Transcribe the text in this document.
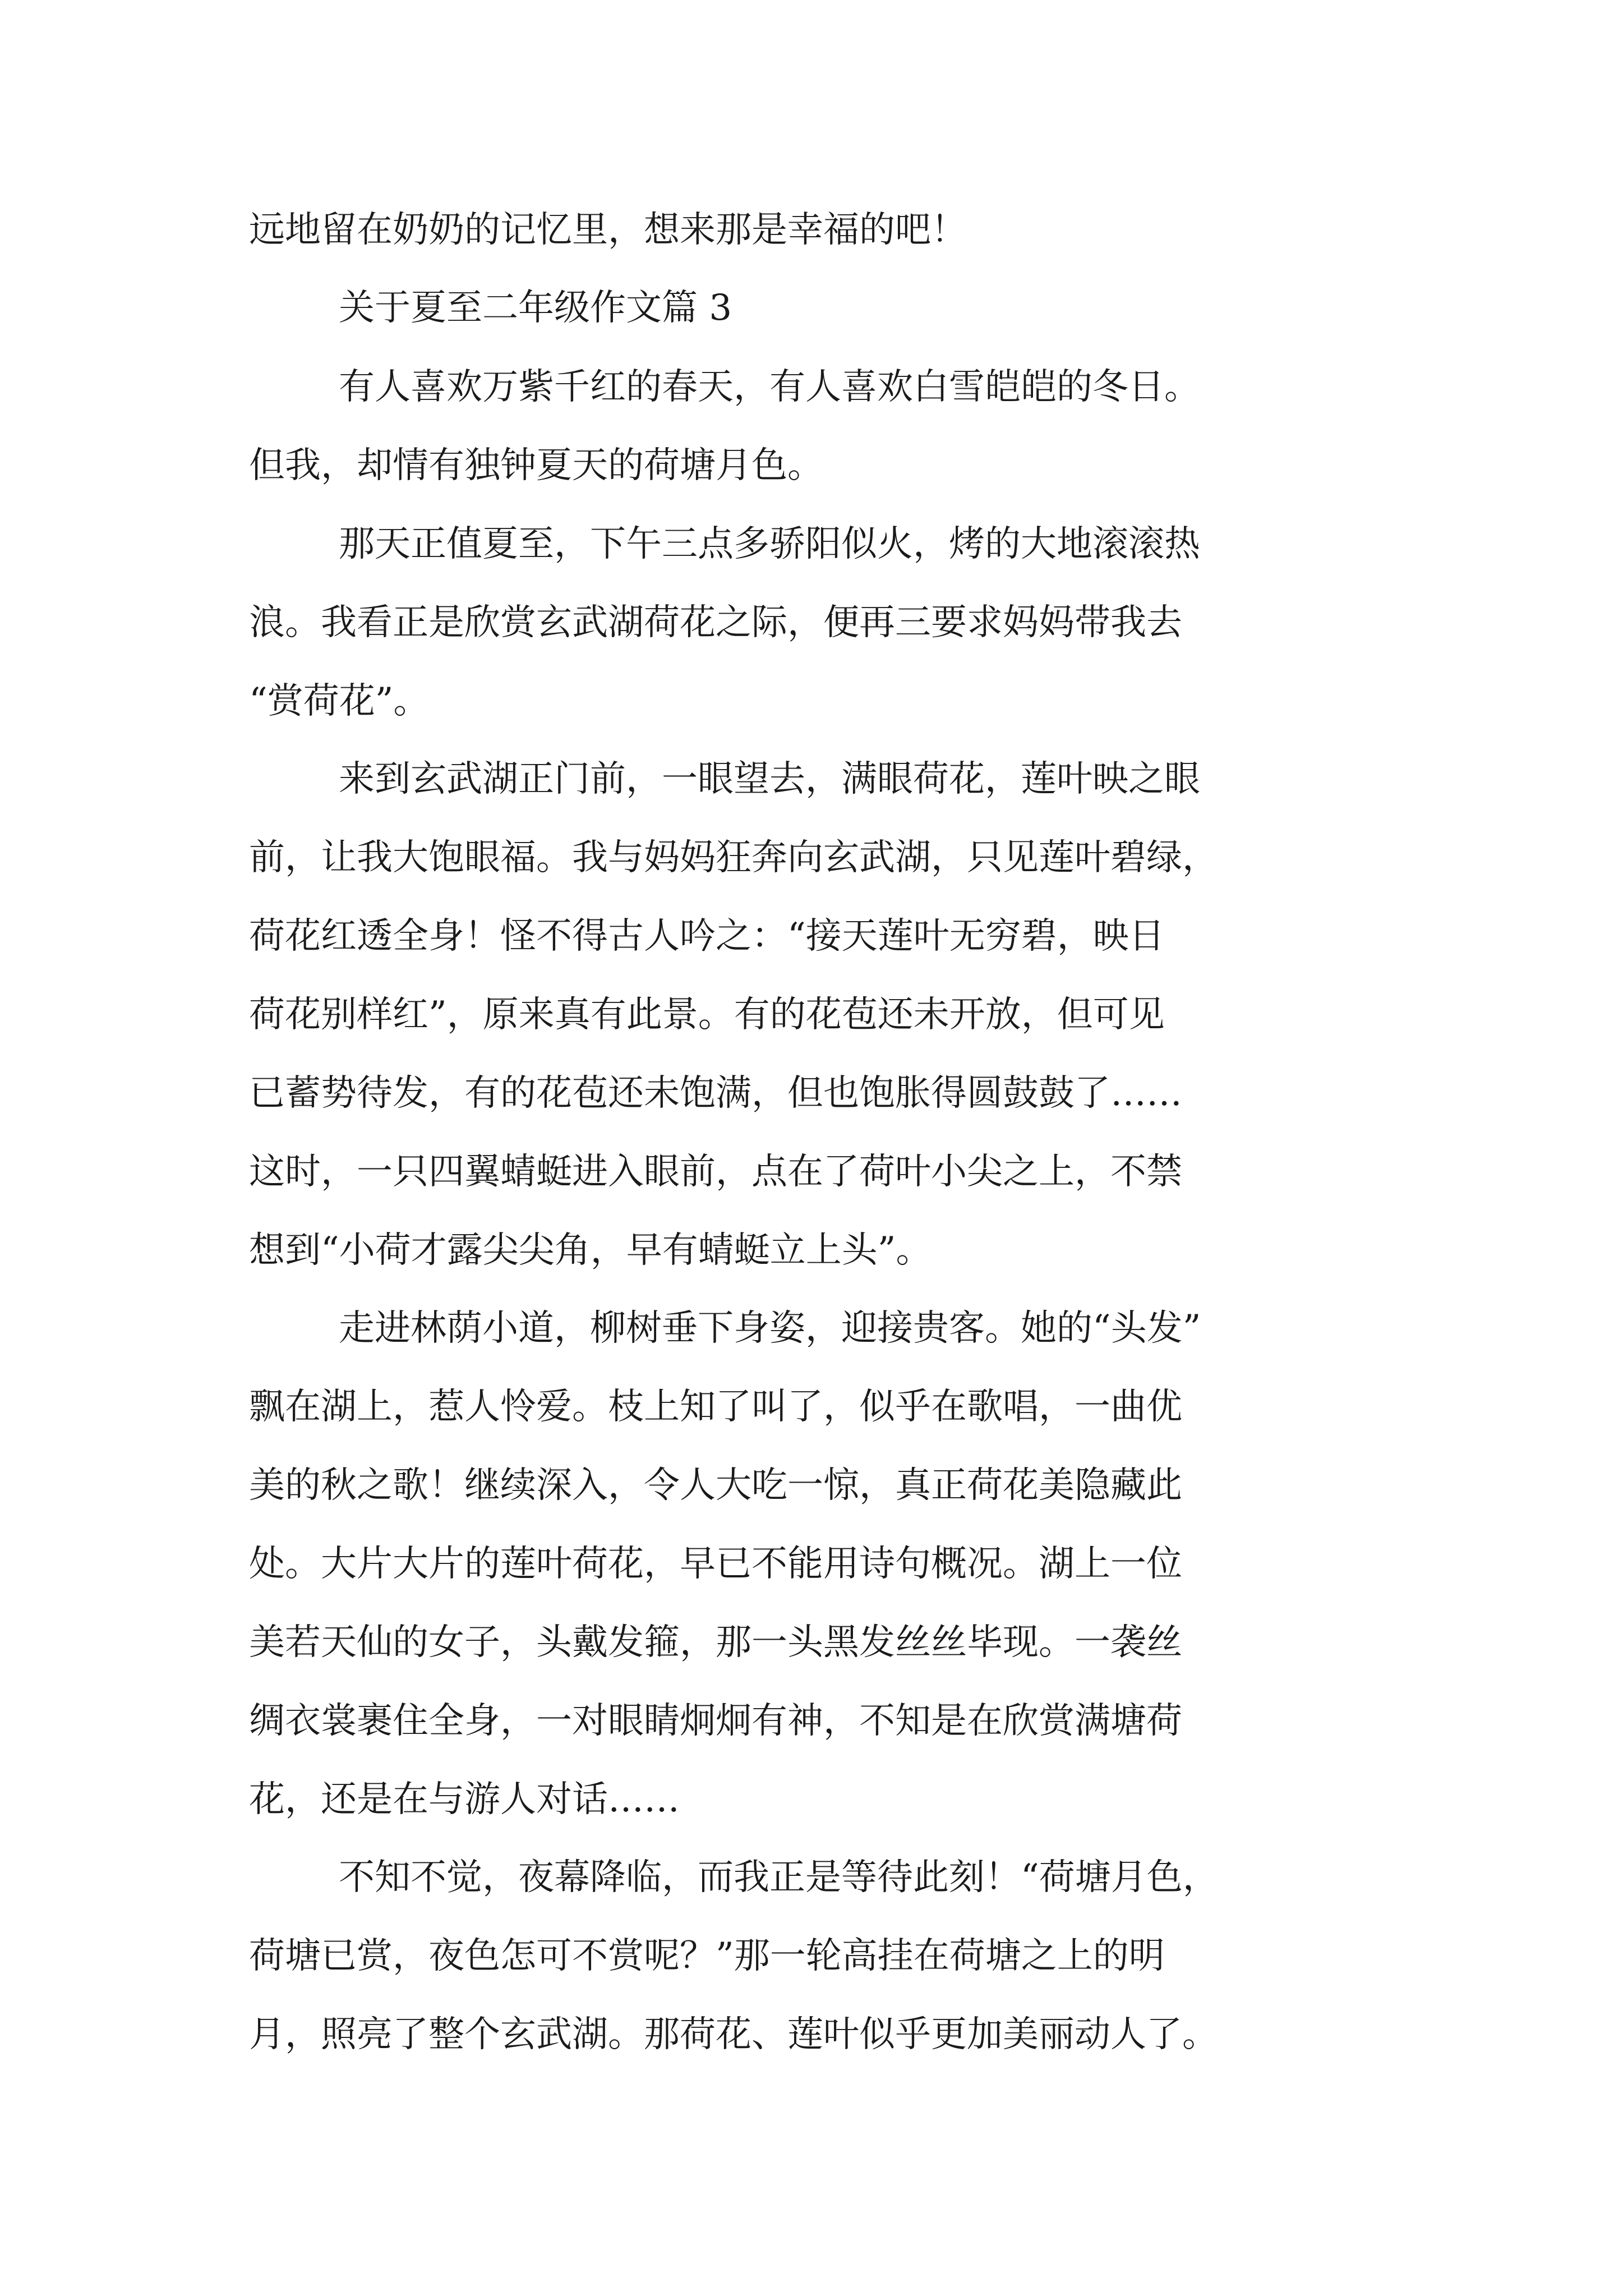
远地留在奶奶的记忆里，想来那是幸福的吧！

关于夏至二年级作文篇 3

有人喜欢万紫千红的春天，有人喜欢白雪皑皑的冬日。

但我，却情有独钟夏天的荷塘月色。

那天正值夏至，下午三点多骄阳似火，烤的大地滚滚热

浪。我看正是欣赏玄武湖荷花之际，便再三要求妈妈带我去

“赏荷花”。

来到玄武湖正门前，一眼望去，满眼荷花，莲叶映之眼

前，让我大饱眼福。我与妈妈狂奔向玄武湖，只见莲叶碧绿，

荷花红透全身！怪不得古人吟之：“接天莲叶无穷碧，映日

荷花别样红”，原来真有此景。有的花苞还未开放，但可见

已蓄势待发，有的花苞还未饱满，但也饱胀得圆鼓鼓了……

这时，一只四翼蜻蜓进入眼前，点在了荷叶小尖之上，不禁

想到“小荷才露尖尖角，早有蜻蜓立上头”。

走进林荫小道，柳树垂下身姿，迎接贵客。她的“头发”

飘在湖上，惹人怜爱。枝上知了叫了，似乎在歌唱，一曲优

美的秋之歌！继续深入，令人大吃一惊，真正荷花美隐藏此

处。大片大片的莲叶荷花，早已不能用诗句概况。湖上一位

美若天仙的女子，头戴发箍，那一头黑发丝丝毕现。一袭丝

绸衣裳裹住全身，一对眼睛炯炯有神，不知是在欣赏满塘荷

花，还是在与游人对话……

不知不觉，夜幕降临，而我正是等待此刻！“荷塘月色，

荷塘已赏，夜色怎可不赏呢？”那一轮高挂在荷塘之上的明

月，照亮了整个玄武湖。那荷花、莲叶似乎更加美丽动人了。
